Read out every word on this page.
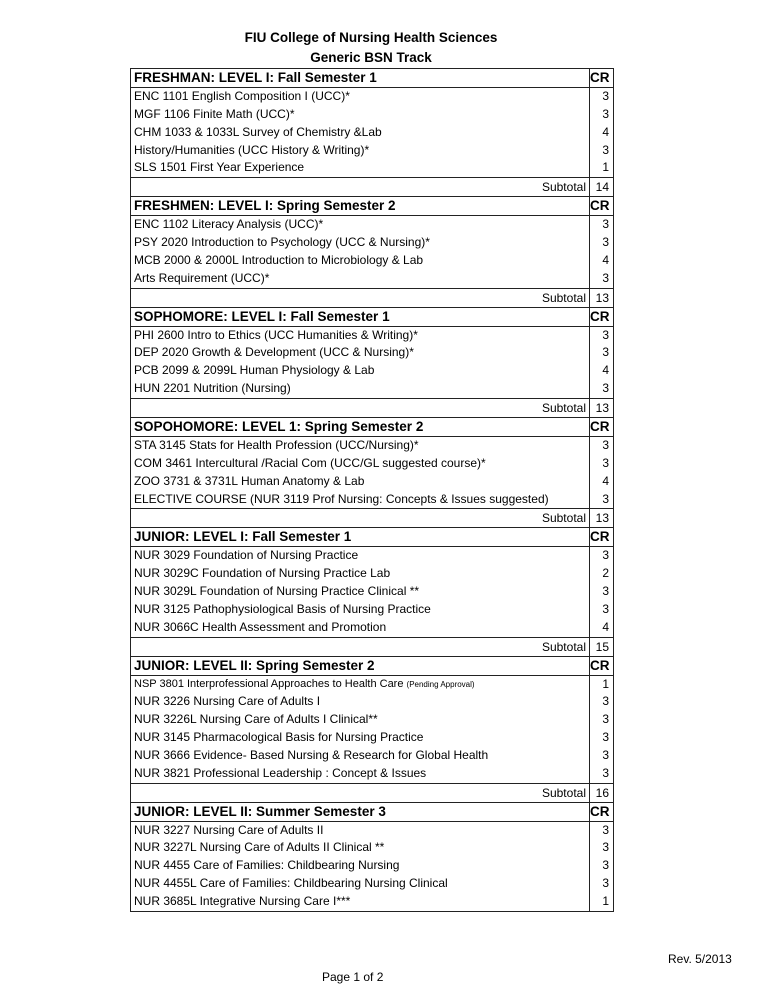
FIU College of Nursing Health Sciences
Generic BSN Track
FRESHMAN: LEVEL I: Fall Semester 1	CR
ENC 1101 English Composition I (UCC)*	3
MGF 1106 Finite Math (UCC)*	3
CHM 1033 & 1033L Survey of Chemistry &Lab	4
History/Humanities (UCC History & Writing)*	3
SLS 1501 First Year Experience	1
Subtotal 14
FRESHMEN: LEVEL I: Spring Semester 2	CR
ENC 1102 Literacy Analysis (UCC)*	3
PSY 2020 Introduction to Psychology (UCC & Nursing)*	3
MCB 2000 & 2000L Introduction to Microbiology & Lab	4
Arts Requirement (UCC)*	3
Subtotal 13
SOPHOMORE: LEVEL I: Fall Semester 1	CR
PHI 2600 Intro to Ethics (UCC Humanities & Writing)*	3
DEP 2020 Growth & Development (UCC & Nursing)*	3
PCB 2099 & 2099L Human Physiology & Lab	4
HUN 2201 Nutrition (Nursing)	3
Subtotal 13
SOPOHOMORE: LEVEL 1: Spring Semester 2	CR
STA 3145 Stats for Health Profession (UCC/Nursing)*	3
COM 3461 Intercultural /Racial Com (UCC/GL suggested course)*	3
ZOO 3731 & 3731L Human Anatomy & Lab	4
ELECTIVE COURSE (NUR 3119 Prof Nursing: Concepts & Issues suggested)	3
Subtotal 13
JUNIOR: LEVEL I: Fall Semester 1	CR
NUR 3029 Foundation of Nursing Practice	3
NUR 3029C Foundation of Nursing Practice Lab	2
NUR 3029L Foundation of Nursing Practice Clinical **	3
NUR 3125 Pathophysiological Basis of Nursing Practice	3
NUR 3066C Health Assessment and Promotion	4
Subtotal 15
JUNIOR: LEVEL II: Spring Semester 2	CR
NSP 3801 Interprofessional Approaches to Health Care (Pending Approval)	1
NUR 3226 Nursing Care of Adults I	3
NUR 3226L Nursing Care of Adults I Clinical**	3
NUR 3145 Pharmacological Basis for Nursing Practice	3
NUR 3666 Evidence- Based Nursing & Research for Global Health	3
NUR 3821 Professional Leadership : Concept & Issues	3
Subtotal 16
JUNIOR: LEVEL II: Summer Semester 3	CR
NUR 3227 Nursing Care of Adults II	3
NUR 3227L Nursing Care of Adults II Clinical **	3
NUR 4455 Care of Families: Childbearing Nursing	3
NUR 4455L Care of Families: Childbearing Nursing Clinical	3
NUR 3685L Integrative Nursing Care I***	1
Rev. 5/2013
Page 1 of 2
